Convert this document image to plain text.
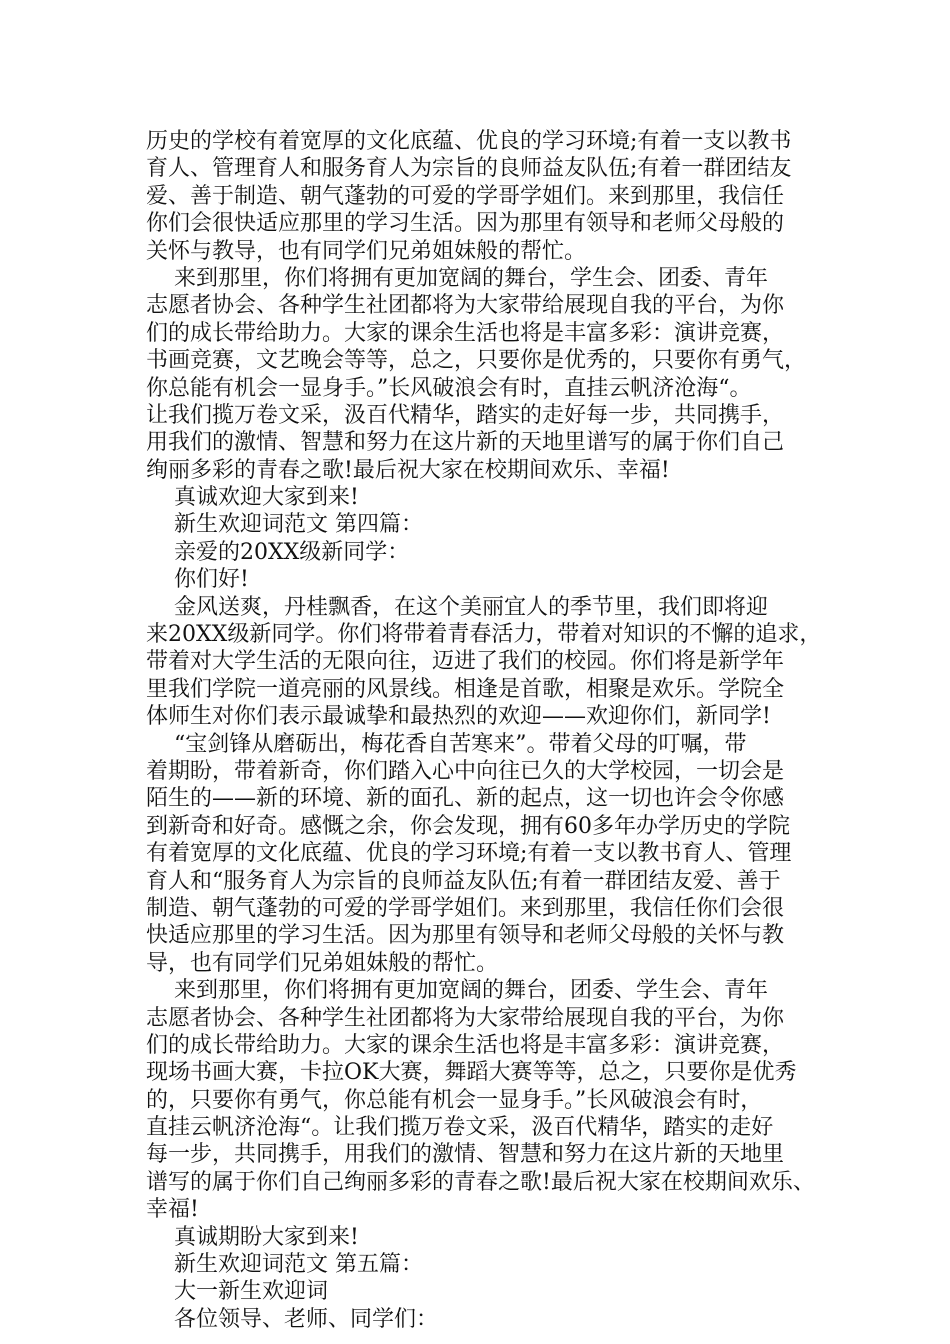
历史的学校有着宽厚的文化底蕴、优良的学习环境;有着一支以教书
育人、管理育人和服务育人为宗旨的良师益友队伍;有着一群团结友
爱、善于制造、朝气蓬勃的可爱的学哥学姐们。来到那里，我信任
你们会很快适应那里的学习生活。因为那里有领导和老师父母般的
关怀与教导，也有同学们兄弟姐妹般的帮忙。
来到那里，你们将拥有更加宽阔的舞台，学生会、团委、青年
志愿者协会、各种学生社团都将为大家带给展现自我的平台，为你
们的成长带给助力。大家的课余生活也将是丰富多彩：演讲竞赛，
书画竞赛，文艺晚会等等，总之，只要你是优秀的，只要你有勇气，
你总能有机会一显身手。”长风破浪会有时，直挂云帆济沧海“。
让我们揽万卷文采，汲百代精华，踏实的走好每一步，共同携手，
用我们的激情、智慧和努力在这片新的天地里谱写的属于你们自己
绚丽多彩的青春之歌!最后祝大家在校期间欢乐、幸福!
真诚欢迎大家到来!
新生欢迎词范文 第四篇：
亲爱的20XX级新同学：
你们好!
金风送爽，丹桂飘香，在这个美丽宜人的季节里，我们即将迎
来20XX级新同学。你们将带着青春活力，带着对知识的不懈的追求，
带着对大学生活的无限向往，迈进了我们的校园。你们将是新学年
里我们学院一道亮丽的风景线。相逢是首歌，相聚是欢乐。学院全
体师生对你们表示最诚挚和最热烈的欢迎——欢迎你们，新同学!
“宝剑锋从磨砺出，梅花香自苦寒来”。带着父母的叮嘱，带
着期盼，带着新奇，你们踏入心中向往已久的大学校园，一切会是
陌生的——新的环境、新的面孔、新的起点，这一切也许会令你感
到新奇和好奇。感慨之余，你会发现，拥有60多年办学历史的学院
有着宽厚的文化底蕴、优良的学习环境;有着一支以教书育人、管理
育人和“服务育人为宗旨的良师益友队伍;有着一群团结友爱、善于
制造、朝气蓬勃的可爱的学哥学姐们。来到那里，我信任你们会很
快适应那里的学习生活。因为那里有领导和老师父母般的关怀与教
导，也有同学们兄弟姐妹般的帮忙。
来到那里，你们将拥有更加宽阔的舞台，团委、学生会、青年
志愿者协会、各种学生社团都将为大家带给展现自我的平台，为你
们的成长带给助力。大家的课余生活也将是丰富多彩：演讲竞赛，
现场书画大赛，卡拉OK大赛，舞蹈大赛等等，总之，只要你是优秀
的，只要你有勇气，你总能有机会一显身手。”长风破浪会有时，
直挂云帆济沧海“。让我们揽万卷文采，汲百代精华，踏实的走好
每一步，共同携手，用我们的激情、智慧和努力在这片新的天地里
谱写的属于你们自己绚丽多彩的青春之歌!最后祝大家在校期间欢乐、
幸福!
真诚期盼大家到来!
新生欢迎词范文 第五篇：
大一新生欢迎词
各位领导、老师、同学们：
